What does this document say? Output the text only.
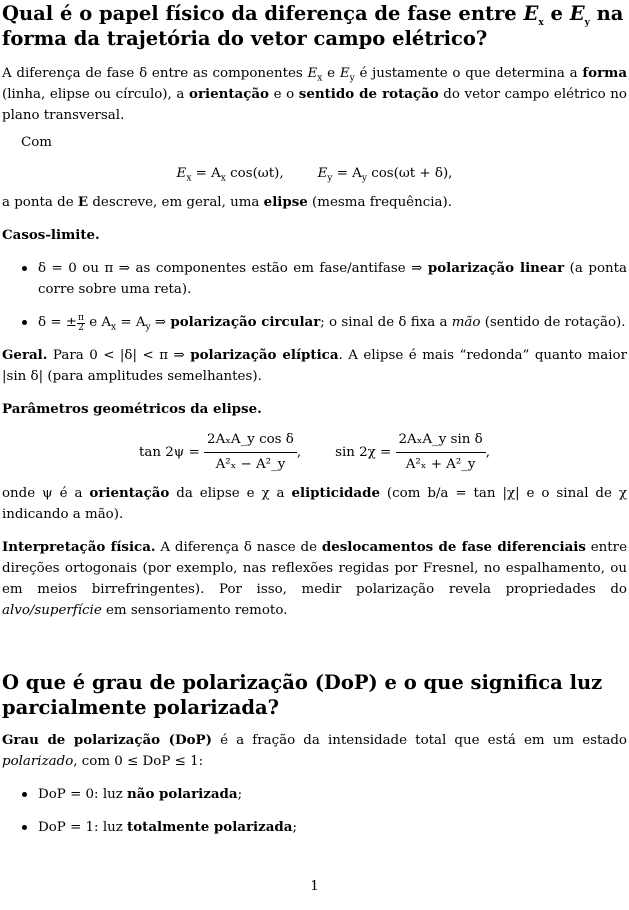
Qual é o papel físico da diferença de fase entre $E_x$ e $E_y$ na forma da trajetória do vetor campo elétrico?

A diferença de fase δ entre as componentes $E_x$ e $E_y$ é justamente o que determina a forma (linha, elipse ou círculo), a orientação e o sentido de rotação do vetor campo elétrico no plano transversal.

Com

$E_x = A_x$ cos(ωt),	$E_y = A_y$ cos(ωt + δ),

a ponta de E descreve, em geral, uma elipse (mesma frequência).

Casos-limite.

δ = 0 ou π ⇒ as componentes estão em fase/antifase ⇒ polarização linear (a ponta corre sobre uma reta).
δ = ± $\frac{\pi}{2}$ e $A_x = A_y$ ⇒ polarização circular; o sinal de δ fixa a mão (sentido de rotação).

Geral. Para 0 < |δ| < π ⇒ polarização elíptica. A elipse é mais “redonda” quanto maior |sin δ| (para amplitudes semelhantes).

Parâmetros geométricos da elipse.

$\tan 2\psi = \frac{\text{2AₓA\_y cos δ}}{\text{A²ₓ − A²\_y}}$ ,	$\sin 2\chi = \frac{\text{2AₓA\_y sin δ}}{\text{A²ₓ + A²\_y}}$ ,

onde ψ é a orientação da elipse e χ a elipticidade (com b/a = tan |χ| e o sinal de χ indicando a mão).

Interpretação física. A diferença δ nasce de deslocamentos de fase diferenciais entre direções ortogonais (por exemplo, nas reflexões regidas por Fresnel, no espalhamento, ou em meios birrefringentes). Por isso, medir polarização revela propriedades do alvo/superfície em sensoriamento remoto.

O que é grau de polarização (DoP) e o que significa luz parcialmente polarizada?

Grau de polarização (DoP) é a fração da intensidade total que está em um estado polarizado, com 0 ≤ DoP ≤ 1:

DoP = 0: luz não polarizada;
DoP = 1: luz totalmente polarizada;
1
